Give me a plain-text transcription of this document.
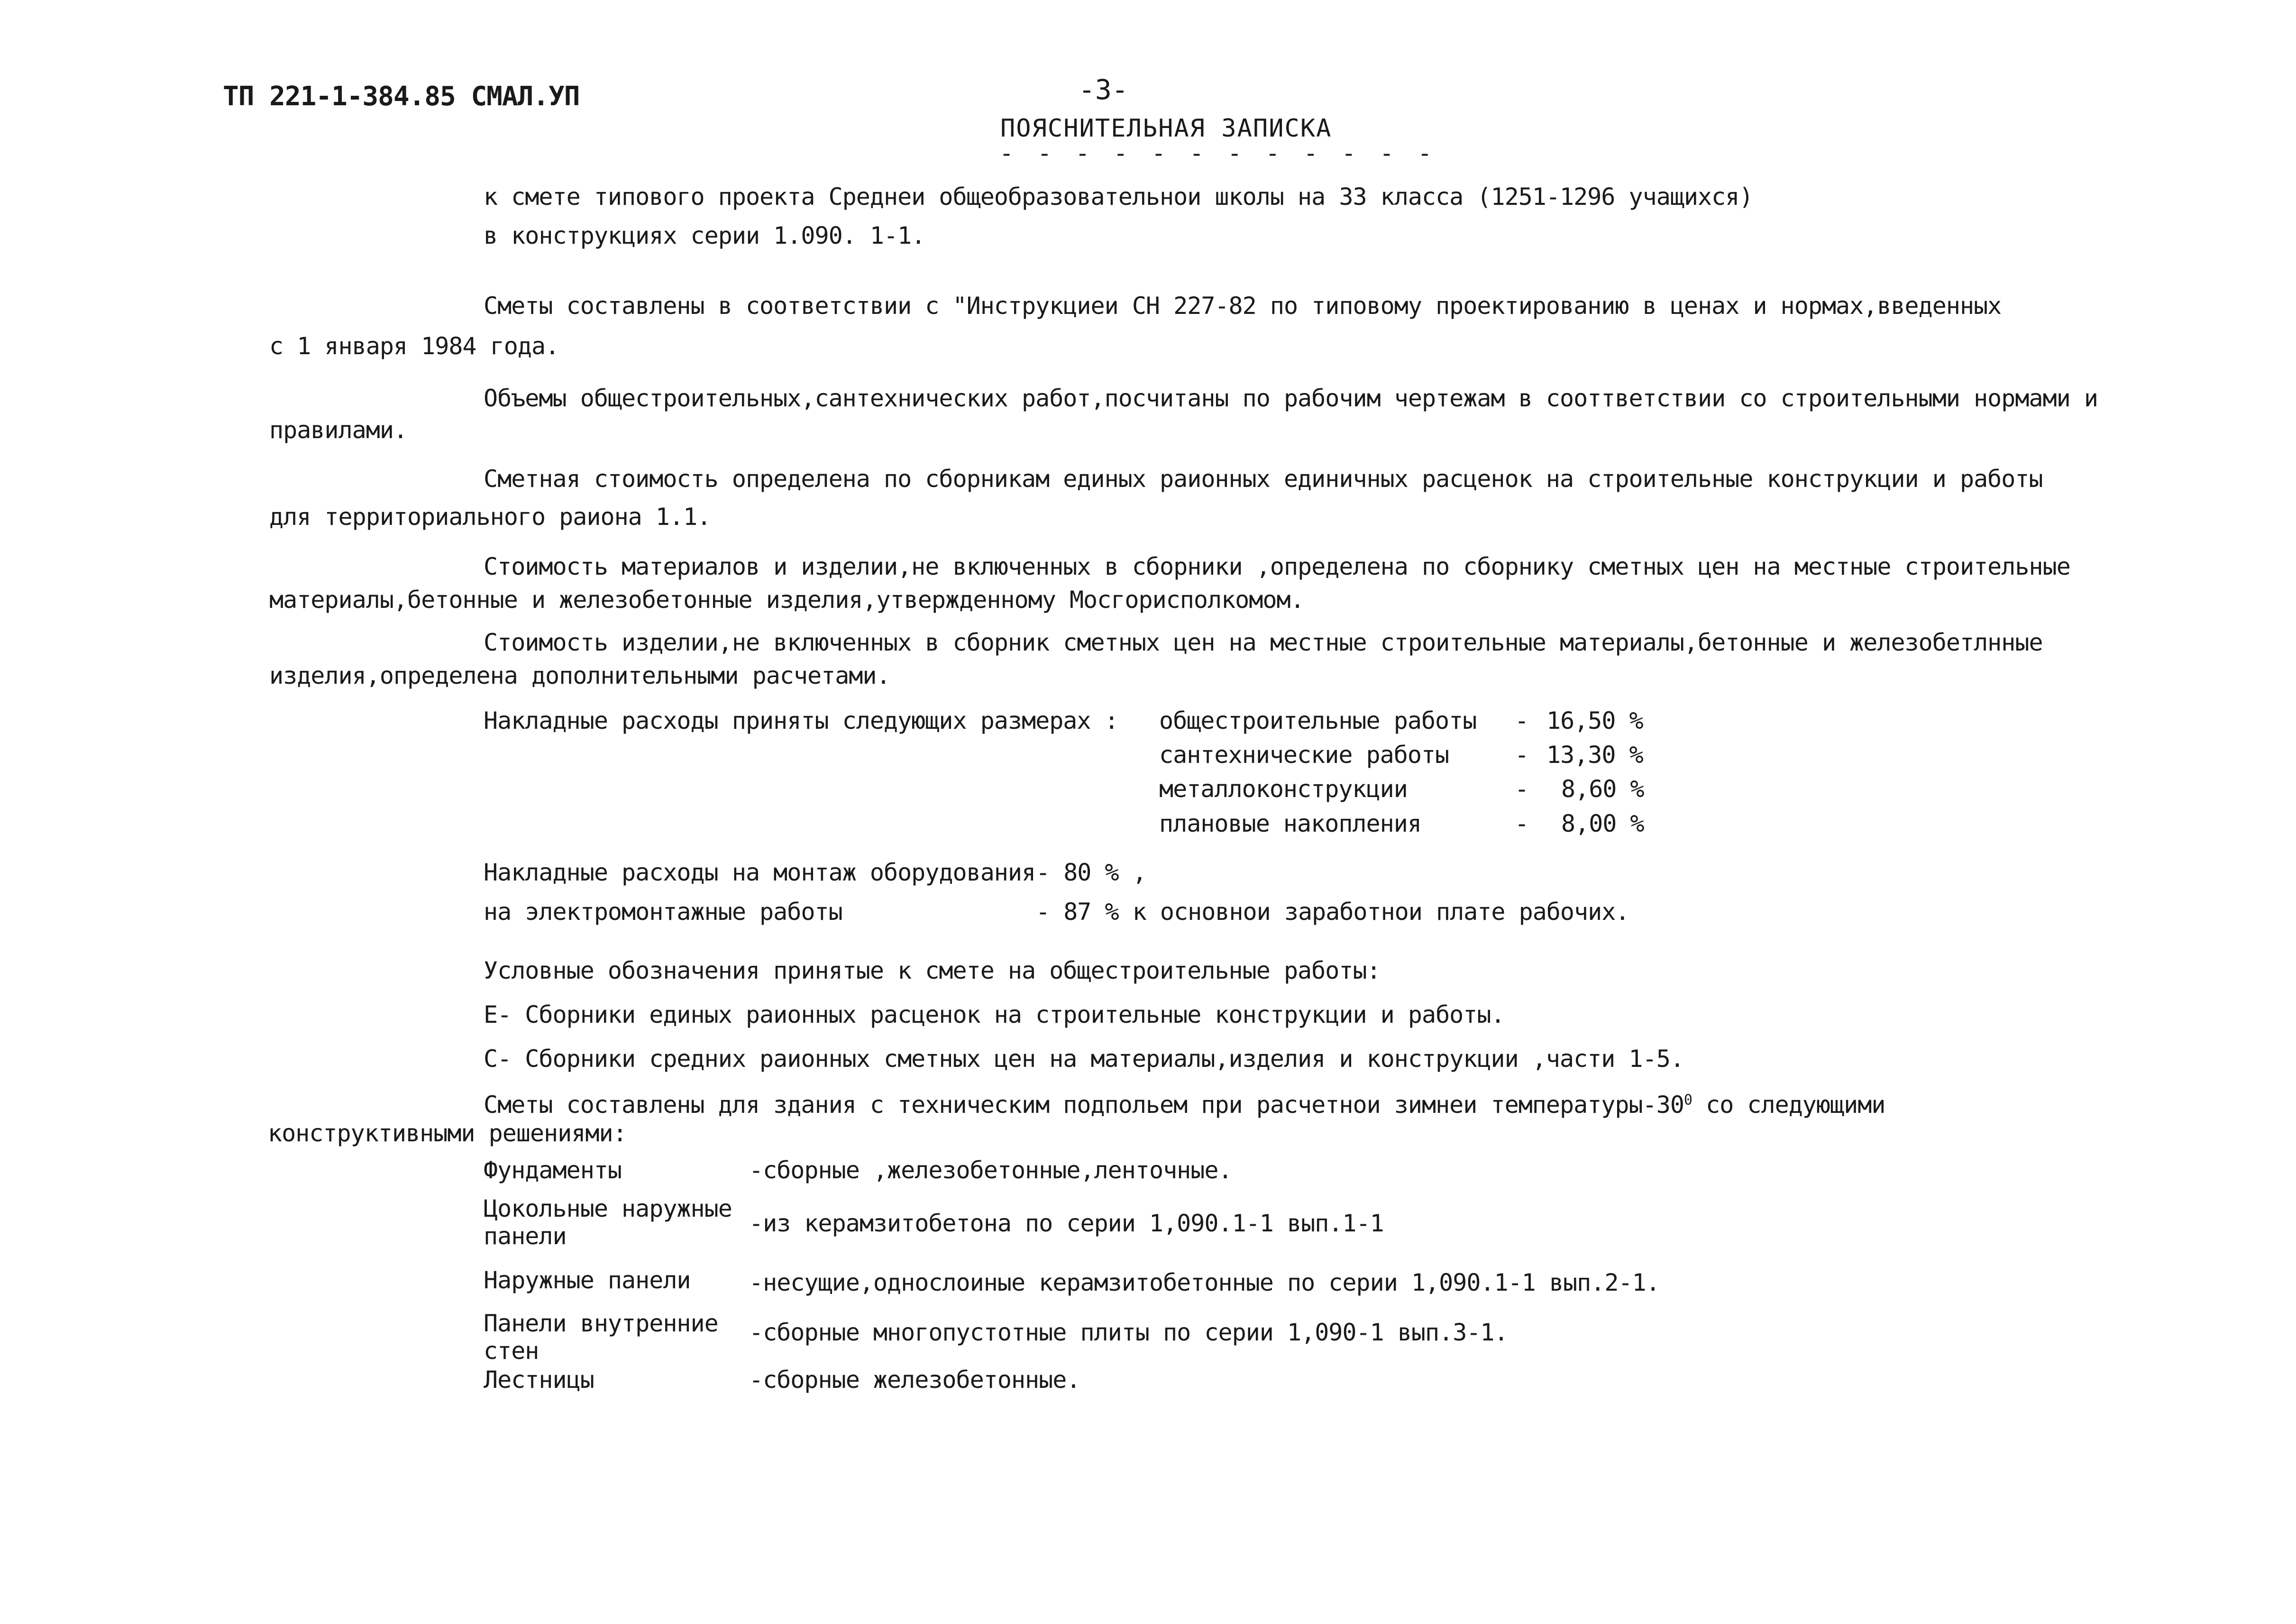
ТП 221-1-384.85 СМАЛ.УП	-3-
ПОЯСНИТЕЛЬНАЯ ЗАПИСКА
- - - - - - - - - - - -
к смете типового проекта Среднеи общеобразовательнои школы на 33 класса (1251-1296 учащихся)
в конструкциях серии 1.090. 1-1.
Сметы составлены в соответствии с "Инструкциеи СН 227-82 по типовому проектированию в ценах и нормах,введенных
с 1 января 1984 года.
Объемы общестроительных,сантехнических работ,посчитаны по рабочим чертежам в сооттветствии со строительными нормами и
правилами.
Сметная стоимость определена по сборникам единых раионных единичных расценок на строительные конструкции и работы
для территориального раиона 1.1.
Стоимость материалов и изделии,не включенных в сборники ,определена по сборнику сметных цен на местные строительные
материалы,бетонные и железобетонные изделия,утвержденному Мосгорисполкомом.
Стоимость изделии,не включенных в сборник сметных цен на местные строительные материалы,бетонные и железобетлнные
изделия,определена дополнительными расчетами.
Накладные расходы приняты следующих размерах : общестроительные работы - 16,50 %
сантехнические работы	- 13,30 %
металлоконструкции	- 8,60 %
плановые накопления	- 8,00 %
Накладные расходы на монтаж оборудования - 80 % ,
на электромонтажные работы	- 87 % к основнои заработнои плате рабочих.
Условные обозначения принятые к смете на общестроительные работы:
Е- Сборники единых раионных расценок на строительные конструкции и работы.
С- Сборники средних раионных сметных цен на материалы,изделия и конструкции ,части 1-5.
Сметы составлены для здания с техническим подпольем при расчетнои зимнеи температуры-$30^0$ со следующими
конструктивными решениями:
Фундаменты	-сборные ,железобетонные,ленточные.
Цокольные наружные панели	-из керамзитобетона по серии 1,090.1-1 вып.1-1
Наружные панели -несущие,однослоиные керамзитобетонные по серии 1,090.1-1 вып.2-1.
Панели внутренние стен
-сборные многопустотные плиты по серии 1,090-1 вып.3-1.
Лестницы	-сборные железобетонные.
